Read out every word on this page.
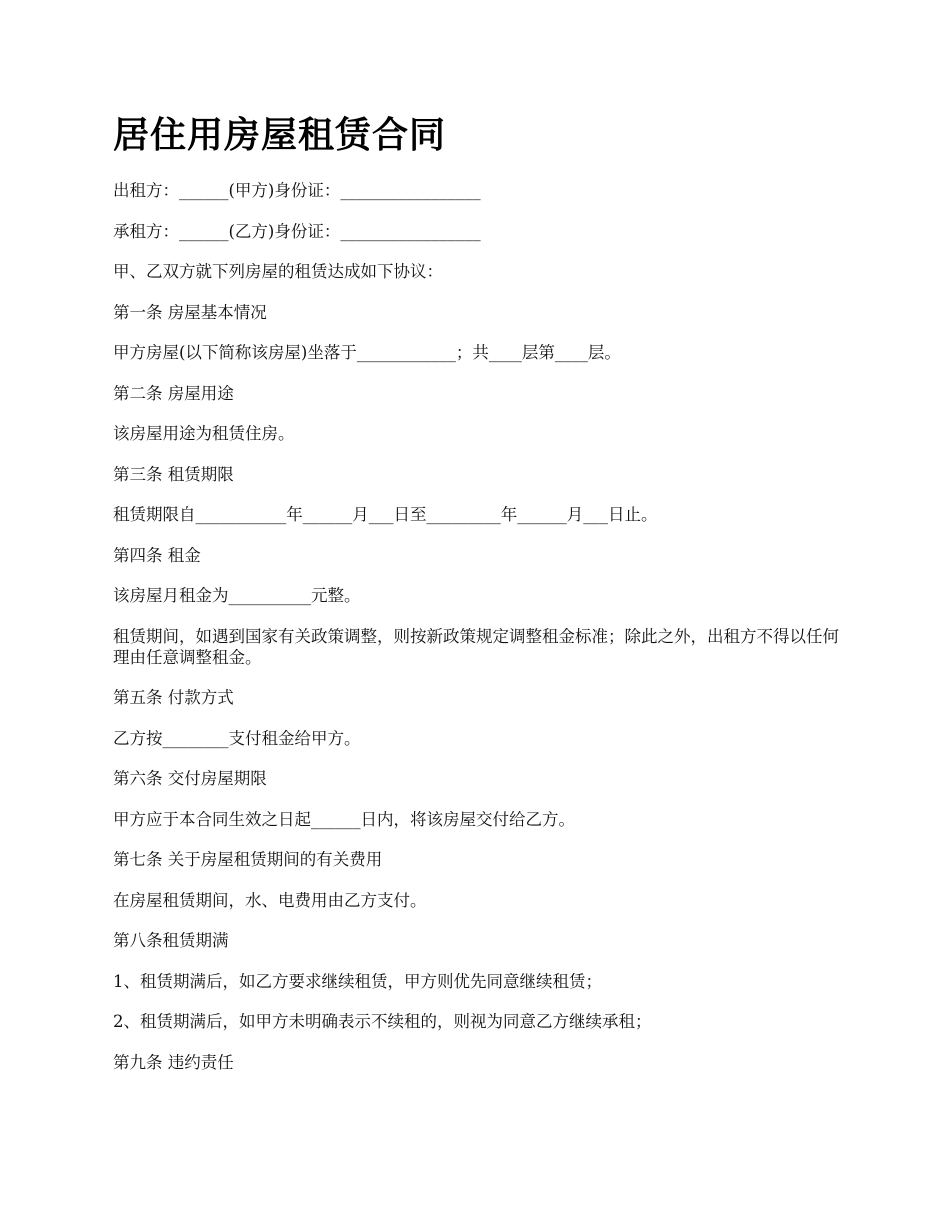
居住用房屋租赁合同

出租方：______(甲方)身份证：_________________

承租方：______(乙方)身份证：_________________

甲、乙双方就下列房屋的租赁达成如下协议：

第一条 房屋基本情况

甲方房屋(以下简称该房屋)坐落于____________；共____层第____层。

第二条 房屋用途

该房屋用途为租赁住房。

第三条 租赁期限

租赁期限自___________年______月___日至_________年______月___日止。

第四条 租金

该房屋月租金为__________元整。

租赁期间，如遇到国家有关政策调整，则按新政策规定调整租金标准；除此之外，出租方不得以任何理由任意调整租金。

第五条 付款方式

乙方按________支付租金给甲方。

第六条 交付房屋期限

甲方应于本合同生效之日起______日内，将该房屋交付给乙方。

第七条 关于房屋租赁期间的有关费用

在房屋租赁期间，水、电费用由乙方支付。

第八条租赁期满

1、租赁期满后，如乙方要求继续租赁，甲方则优先同意继续租赁；

2、租赁期满后，如甲方未明确表示不续租的，则视为同意乙方继续承租；

第九条 违约责任
